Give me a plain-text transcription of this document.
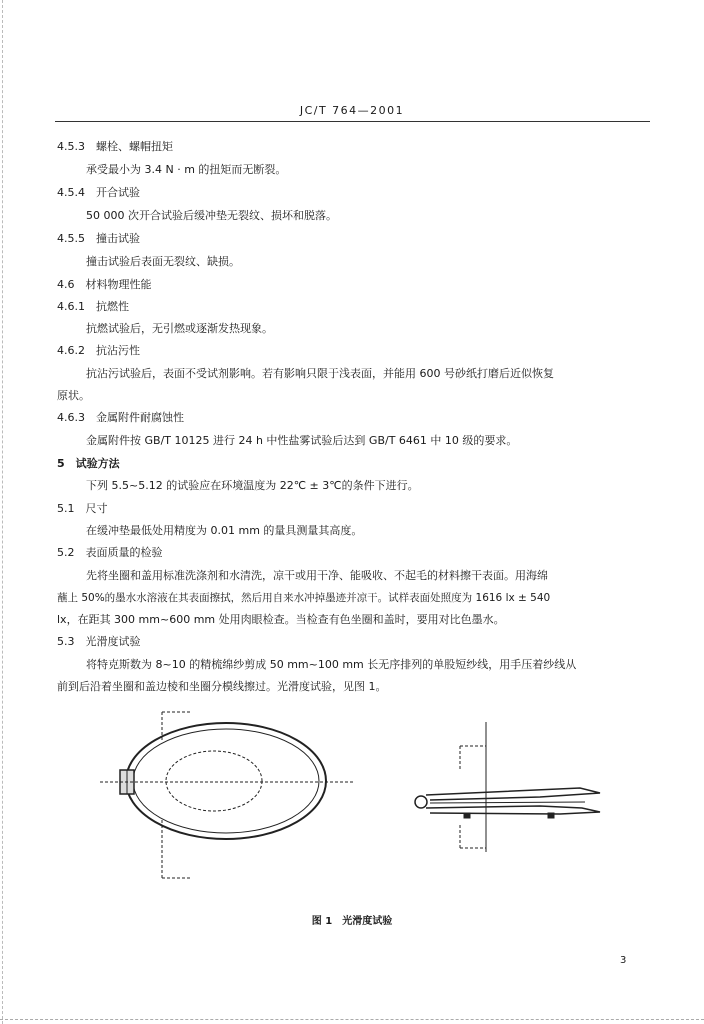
JC/T 764—2001
4.5.3　螺栓、螺帽扭矩
承受最小为 3.4 N · m 的扭矩而无断裂。
4.5.4　开合试验
50 000 次开合试验后缓冲垫无裂纹、损坏和脱落。
4.5.5　撞击试验
撞击试验后表面无裂纹、缺损。
4.6　材料物理性能
4.6.1　抗燃性
抗燃试验后，无引燃或逐渐发热现象。
4.6.2　抗沾污性
抗沾污试验后，表面不受试剂影响。若有影响只限于浅表面，并能用 600 号砂纸打磨后近似恢复
原状。
4.6.3　金属附件耐腐蚀性
金属附件按 GB/T 10125 进行 24 h 中性盐雾试验后达到 GB/T 6461 中 10 级的要求。
5　试验方法
下列 5.5~5.12 的试验应在环境温度为 22℃ ± 3℃的条件下进行。
5.1　尺寸
在缓冲垫最低处用精度为 0.01 mm 的量具测量其高度。
5.2　表面质量的检验
先将坐圈和盖用标准洗涤剂和水清洗，凉干或用干净、能吸收、不起毛的材料擦干表面。用海绵
蘸上 50%的墨水水溶液在其表面擦拭，然后用自来水冲掉墨迹并凉干。试样表面处照度为 1616 lx ± 540
lx，在距其 300 mm~600 mm 处用肉眼检查。当检查有色坐圈和盖时，要用对比色墨水。
5.3　光滑度试验
将特克斯数为 8~10 的精梳绵纱剪成 50 mm~100 mm 长无序排列的单股短纱线，用手压着纱线从
前到后沿着坐圈和盖边棱和坐圈分模线擦过。光滑度试验，见图 1。
图 1　光滑度试验
3
